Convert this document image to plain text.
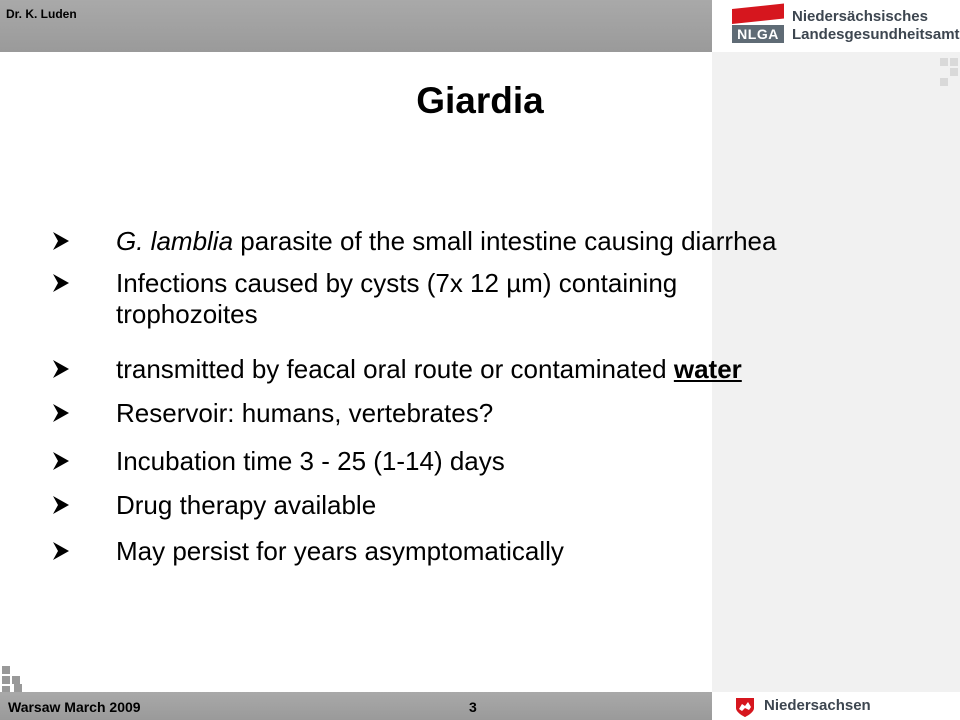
Dr. K. Luden
NLGA
Niedersächsisches
Landesgesundheitsamt
Giardia
G. lamblia parasite of the small intestine causing diarrhea
Infections caused by cysts (7x 12 µm) containing
trophozoites
transmitted by feacal oral route or contaminated water
Reservoir: humans, vertebrates?
Incubation time 3 - 25 (1-14) days
Drug therapy available
May persist for years asymptomatically
Warsaw March 2009	3	Niedersachsen
